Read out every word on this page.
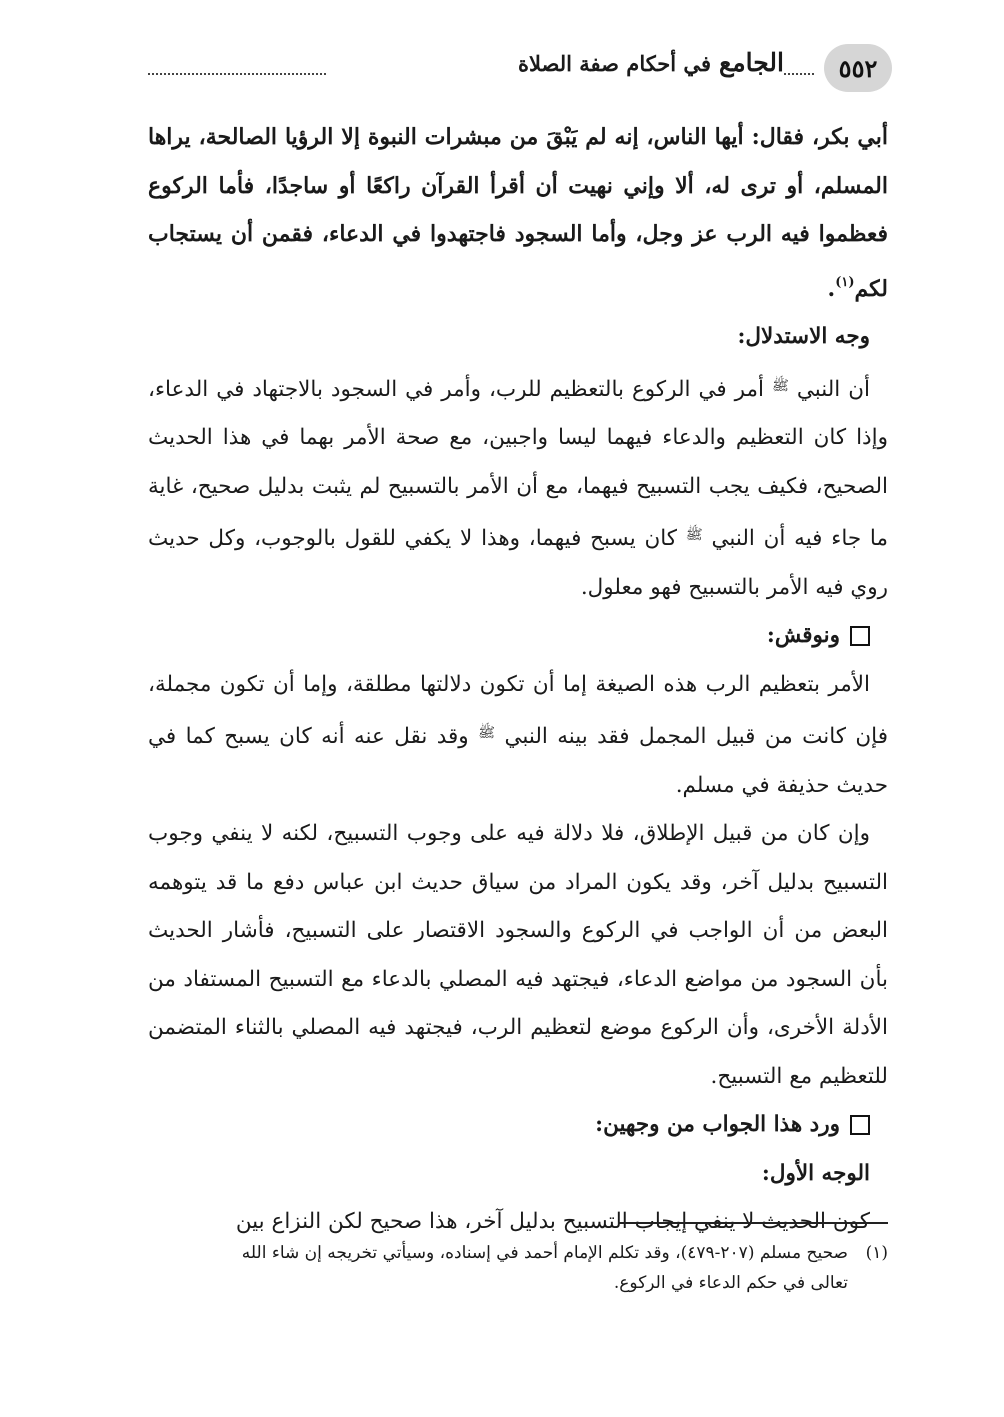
٥٥٢
الجامع
في أحكام صفة الصلاة

أبي بكر، فقال: أيها الناس، إنه لم يَبْقَ من مبشرات النبوة إلا الرؤيا الصالحة، يراها المسلم، أو ترى له، ألا وإني نهيت أن أقرأ القرآن راكعًا أو ساجدًا، فأما الركوع فعظموا فيه الرب عز وجل، وأما السجود فاجتهدوا في الدعاء، فقمن أن يستجاب لكم$^{(١)}$.

وجه الاستدلال:

أن النبي $^ﷺ$ أمر في الركوع بالتعظيم للرب، وأمر في السجود بالاجتهاد في الدعاء، وإذا كان التعظيم والدعاء فيهما ليسا واجبين، مع صحة الأمر بهما في هذا الحديث الصحيح، فكيف يجب التسبيح فيهما، مع أن الأمر بالتسبيح لم يثبت بدليل صحيح، غاية ما جاء فيه أن النبي $^ﷺ$ كان يسبح فيهما، وهذا لا يكفي للقول بالوجوب، وكل حديث روي فيه الأمر بالتسبيح فهو معلول.

ونوقش:

الأمر بتعظيم الرب هذه الصيغة إما أن تكون دلالتها مطلقة، وإما أن تكون مجملة، فإن كانت من قبيل المجمل فقد بينه النبي $^ﷺ$ وقد نقل عنه أنه كان يسبح كما في حديث حذيفة في مسلم.

وإن كان من قبيل الإطلاق، فلا دلالة فيه على وجوب التسبيح، لكنه لا ينفي وجوب التسبيح بدليل آخر، وقد يكون المراد من سياق حديث ابن عباس دفع ما قد يتوهمه البعض من أن الواجب في الركوع والسجود الاقتصار على التسبيح، فأشار الحديث بأن السجود من مواضع الدعاء، فيجتهد فيه المصلي بالدعاء مع التسبيح المستفاد من الأدلة الأخرى، وأن الركوع موضع لتعظيم الرب، فيجتهد فيه المصلي بالثناء المتضمن للتعظيم مع التسبيح.

ورد هذا الجواب من وجهين:

الوجه الأول:

كون الحديث لا ينفي إيجاب التسبيح بدليل آخر، هذا صحيح لكن النزاع بين

(١)صحيح مسلم (٢٠٧-٤٧٩)، وقد تكلم الإمام أحمد في إسناده، وسيأتي تخريجه إن شاء الله

تعالى في حكم الدعاء في الركوع.
